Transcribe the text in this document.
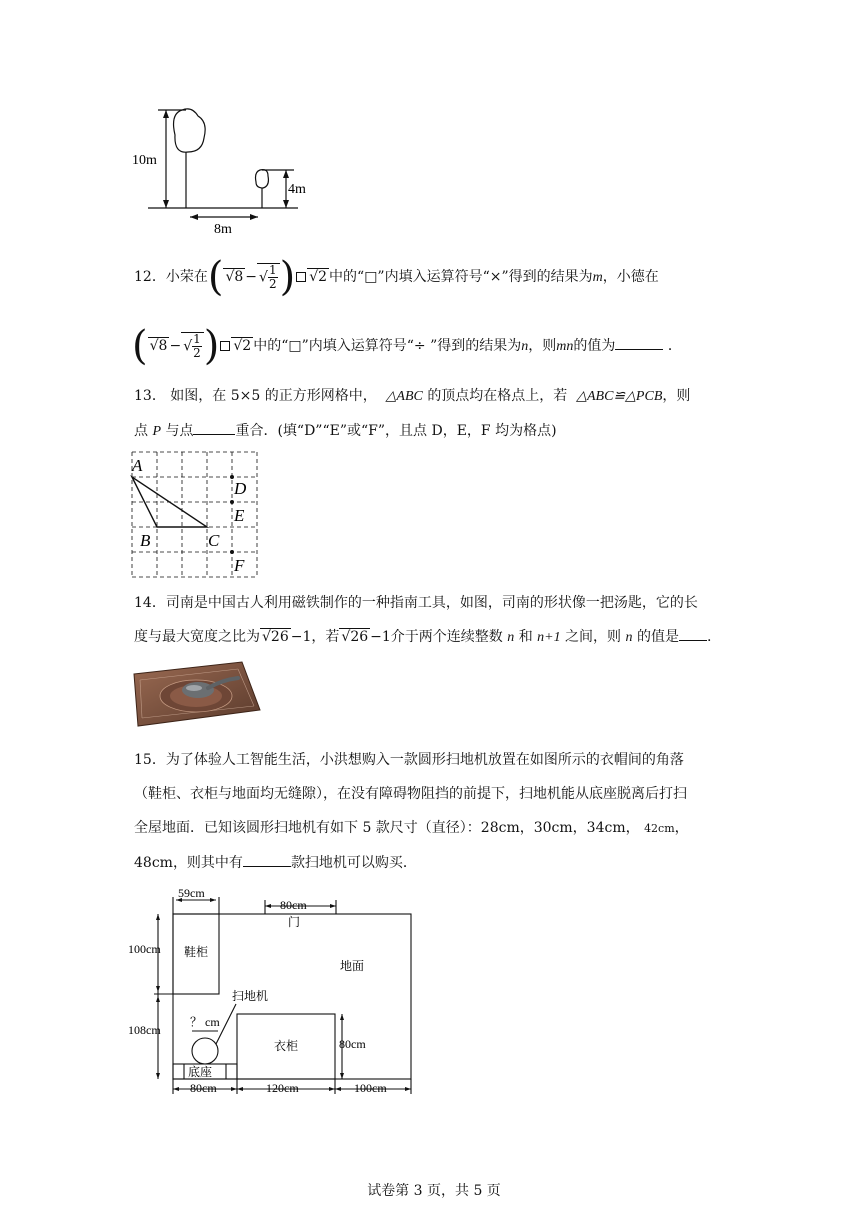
10m
4m
8m
12．小荣在( √8 − √ $\frac{1}{2}$ ) √2 中的“□”内填入运算符号“×”得到的结果为m，小德在
( √8 − √ $\frac{1}{2}$ ) √2 中的“□”内填入运算符号“÷ ”得到的结果为n，则mn的值为	．
13． 如图，在 5×5 的正方形网格中， △ABC 的顶点均在格点上，若 △ABC≌△PCB，则
点 P 与点	重合．(填“D”“E”或“F”，且点 D，E，F 均为格点)
A
B	C
D
E
F
14．司南是中国古人利用磁铁制作的一种指南工具，如图，司南的形状像一把汤匙，它的长
度与最大宽度之比为 √26 −1，若 √26 −1介于两个连续整数 n 和 n+1 之间，则 n 的值是 .
15．为了体验人工智能生活，小洪想购入一款圆形扫地机放置在如图所示的衣帽间的角落
（鞋柜、衣柜与地面均无缝隙），在没有障碍物阻挡的前提下，扫地机能从底座脱离后打扫
全屋地面．已知该圆形扫地机有如下 5 款尺寸（直径）：28cm，30cm，34cm， 42cm，
48cm，则其中有	款扫地机可以购买．
59cm
80cm
门
100cm 鞋柜
地面
扫地机
？ cm
108cm
衣柜	80cm
底座
80cm	120cm	100cm
试卷第 3 页，共 5 页
